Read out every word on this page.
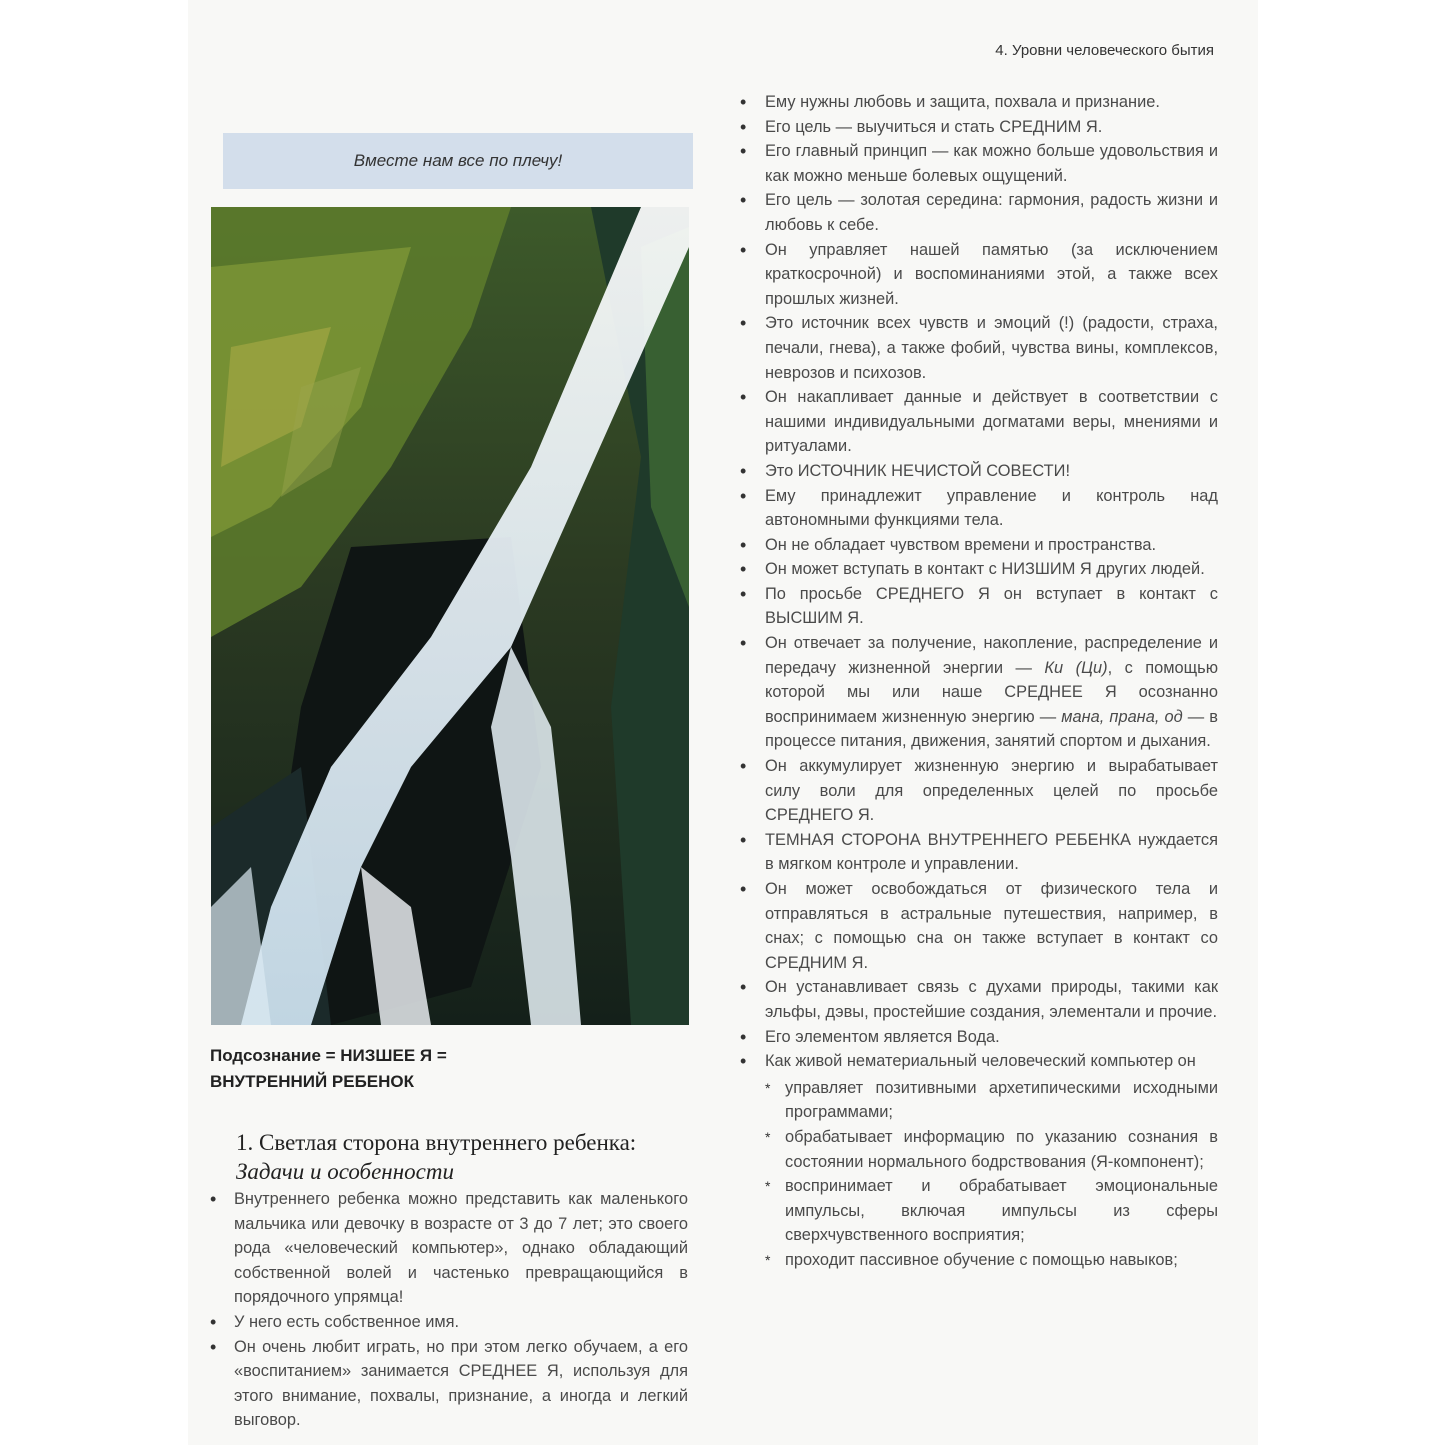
4. Уровни человеческого бытия
Вместе нам все по плечу!
Подсознание = НИЗШЕЕ Я =
ВНУТРЕННИЙ РЕБЕНОК
1. Светлая сторона внутреннего ребенка:
Задачи и особенности
• Внутреннего ребенка можно представить как маленького мальчика или девочку в возрасте от 3 до 7 лет; это своего рода «человеческий компьютер», однако обладающий собственной волей и частенько превращающийся в порядочного упрямца!
• У него есть собственное имя.
• Он очень любит играть, но при этом легко обучаем, а его «воспитанием» занимается СРЕДНЕЕ Я, используя для этого внимание, похвалы, признание, а иногда и легкий выговор.
• Ему нужны любовь и защита, похвала и признание.
• Его цель — выучиться и стать СРЕДНИМ Я.
• Его главный принцип — как можно больше удовольствия и как можно меньше болевых ощущений.
• Его цель — золотая середина: гармония, радость жизни и любовь к себе.
• Он управляет нашей памятью (за исключением краткосрочной) и воспоминаниями этой, а также всех прошлых жизней.
• Это источник всех чувств и эмоций (!) (радости, страха, печали, гнева), а также фобий, чувства вины, комплексов, неврозов и психозов.
• Он накапливает данные и действует в соответствии с нашими индивидуальными догматами веры, мнениями и ритуалами.
• Это ИСТОЧНИК НЕЧИСТОЙ СОВЕСТИ!
• Ему принадлежит управление и контроль над автономными функциями тела.
• Он не обладает чувством времени и пространства.
• Он может вступать в контакт с НИЗШИМ Я других людей.
• По просьбе СРЕДНЕГО Я он вступает в контакт с ВЫСШИМ Я.
• Он отвечает за получение, накопление, распределение и передачу жизненной энергии — Ки (Ци), с помощью которой мы или наше СРЕДНЕЕ Я осознанно воспринимаем жизненную энергию — мана, прана, од — в процессе питания, движения, занятий спортом и дыхания.
• Он аккумулирует жизненную энергию и вырабатывает силу воли для определенных целей по просьбе СРЕДНЕГО Я.
• ТЕМНАЯ СТОРОНА ВНУТРЕННЕГО РЕБЕНКА нуждается в мягком контроле и управлении.
• Он может освобождаться от физического тела и отправляться в астральные путешествия, например, в снах; с помощью сна он также вступает в контакт со СРЕДНИМ Я.
• Он устанавливает связь с духами природы, такими как эльфы, дэвы, простейшие создания, элементали и прочие.
• Его элементом является Вода.
• Как живой нематериальный человеческий компьютер он
* управляет позитивными архетипическими исходными программами;
* обрабатывает информацию по указанию сознания в состоянии нормального бодрствования (Я-компонент);
* воспринимает и обрабатывает эмоциональные импульсы, включая импульсы из сферы сверхчувственного восприятия;
* проходит пассивное обучение с помощью навыков;
